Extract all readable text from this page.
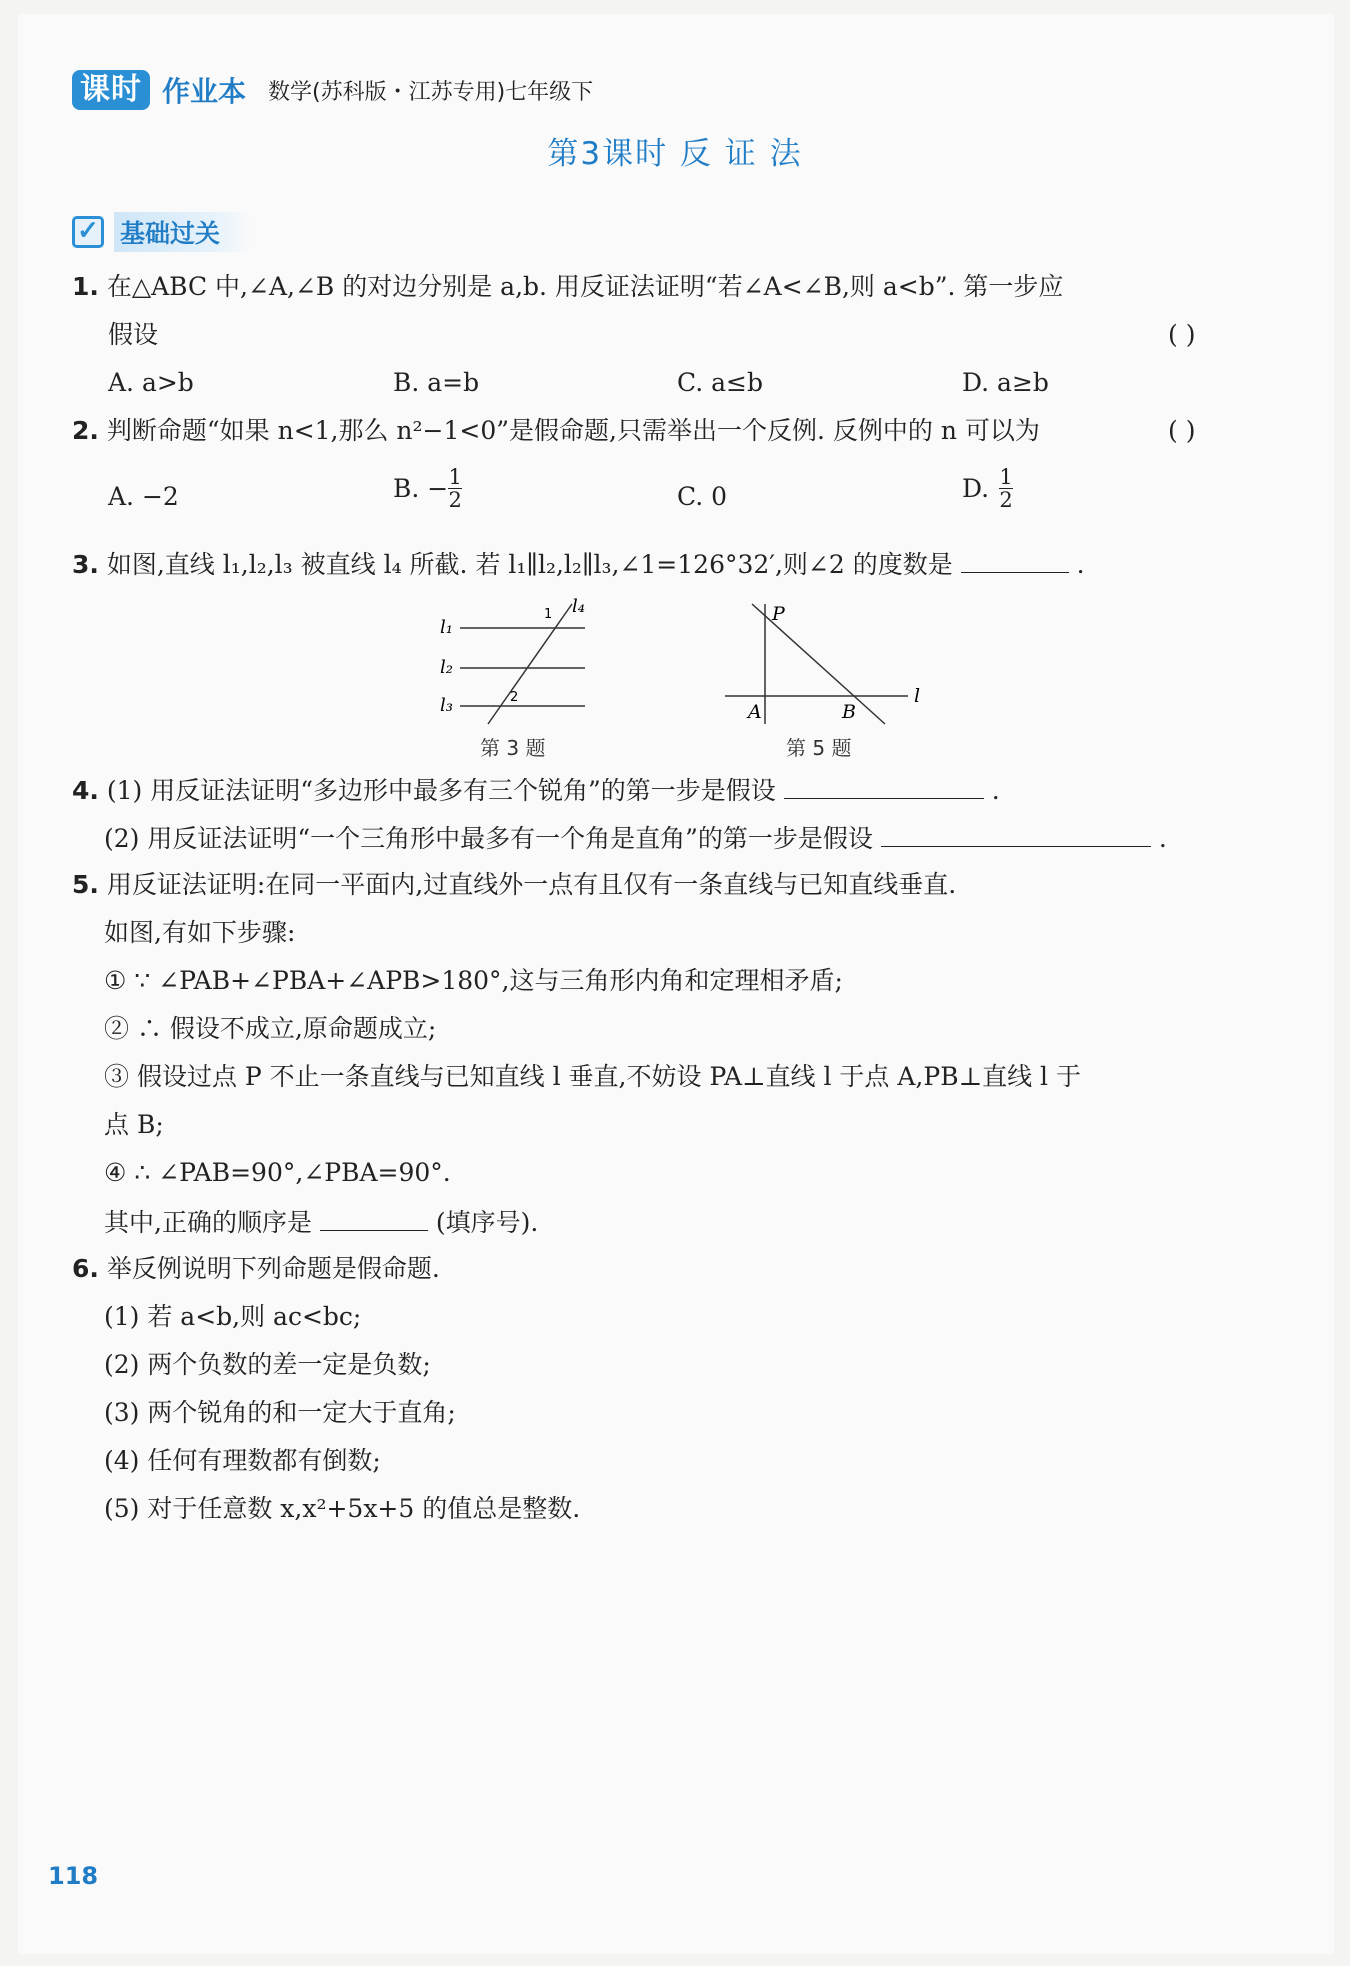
课时 作业本 数学(苏科版・江苏专用)七年级下
第3课时 反 证 法
✓ 基础过关
1. 在△ABC 中,∠A,∠B 的对边分别是 a,b. 用反证法证明“若∠A<∠B,则 a<b”. 第一步应
假设	( )
A. a>b	B. a=b	C. a≤b	D. a≥b
2. 判断命题“如果 n<1,那么 n²−1<0”是假命题,只需举出一个反例. 反例中的 n 可以为	( )
A. −2	B. − $\frac{1}{2}$	C. 0	D. $\frac{1}{2}$
3. 如图,直线 l₁,l₂,l₃ 被直线 l₄ 所截. 若 l₁∥l₂,l₂∥l₃,∠1=126°32′,则∠2 的度数是	.
l₁
l₂
l₃
l₄
1
2
第 3 题
P
A	B
l
第 5 题
4. (1) 用反证法证明“多边形中最多有三个锐角”的第一步是假设	.
(2) 用反证法证明“一个三角形中最多有一个角是直角”的第一步是假设	.
5. 用反证法证明:在同一平面内,过直线外一点有且仅有一条直线与已知直线垂直.
如图,有如下步骤:
① ∵ ∠PAB+∠PBA+∠APB>180°,这与三角形内角和定理相矛盾;
② ∴ 假设不成立,原命题成立;
③ 假设过点 P 不止一条直线与已知直线 l 垂直,不妨设 PA⊥直线 l 于点 A,PB⊥直线 l 于
点 B;
④ ∴ ∠PAB=90°,∠PBA=90°.
其中,正确的顺序是	(填序号).
6. 举反例说明下列命题是假命题.
(1) 若 a<b,则 ac<bc;
(2) 两个负数的差一定是负数;
(3) 两个锐角的和一定大于直角;
(4) 任何有理数都有倒数;
(5) 对于任意数 x,x²+5x+5 的值总是整数.
118
